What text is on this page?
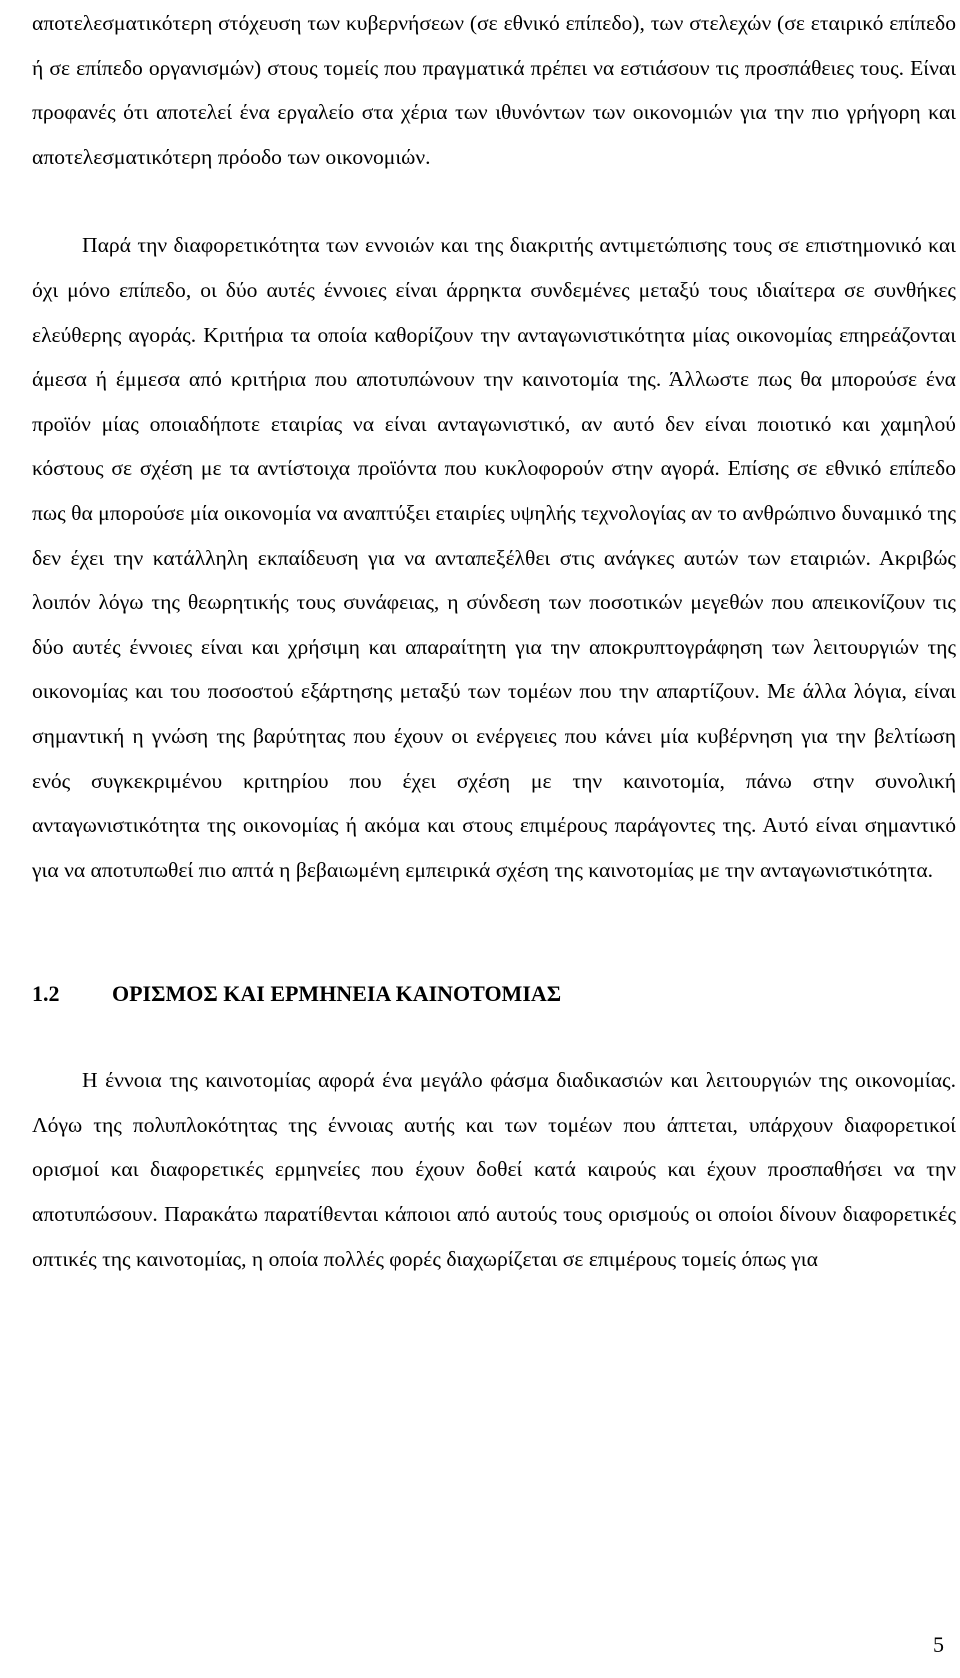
αποτελεσματικότερη στόχευση των κυβερνήσεων (σε εθνικό επίπεδο), των στελεχών (σε εταιρικό επίπεδο ή σε επίπεδο οργανισμών) στους τομείς που πραγματικά πρέπει να εστιάσουν τις προσπάθειες τους. Είναι προφανές ότι αποτελεί ένα εργαλείο στα χέρια των ιθυνόντων των οικονομιών για την πιο γρήγορη και αποτελεσματικότερη πρόοδο των οικονομιών.

Παρά την διαφορετικότητα των εννοιών και της διακριτής αντιμετώπισης τους σε επιστημονικό και όχι μόνο επίπεδο, οι δύο αυτές έννοιες είναι άρρηκτα συνδεμένες μεταξύ τους ιδιαίτερα σε συνθήκες ελεύθερης αγοράς. Κριτήρια τα οποία καθορίζουν την ανταγωνιστικότητα μίας οικονομίας επηρεάζονται άμεσα ή έμμεσα από κριτήρια που αποτυπώνουν την καινοτομία της. Άλλωστε πως θα μπορούσε ένα προϊόν μίας οποιαδήποτε εταιρίας να είναι ανταγωνιστικό, αν αυτό δεν είναι ποιοτικό και χαμηλού κόστους σε σχέση με τα αντίστοιχα προϊόντα που κυκλοφορούν στην αγορά. Επίσης σε εθνικό επίπεδο πως θα μπορούσε μία οικονομία να αναπτύξει εταιρίες υψηλής τεχνολογίας αν το ανθρώπινο δυναμικό της δεν έχει την κατάλληλη εκπαίδευση για να ανταπεξέλθει στις ανάγκες αυτών των εταιριών. Ακριβώς λοιπόν λόγω της θεωρητικής τους συνάφειας, η σύνδεση των ποσοτικών μεγεθών που απεικονίζουν τις δύο αυτές έννοιες είναι και χρήσιμη και απαραίτητη για την αποκρυπτογράφηση των λειτουργιών της οικονομίας και του ποσοστού εξάρτησης μεταξύ των τομέων που την απαρτίζουν. Με άλλα λόγια, είναι σημαντική η γνώση της βαρύτητας που έχουν οι ενέργειες που κάνει μία κυβέρνηση για την βελτίωση ενός συγκεκριμένου κριτηρίου που έχει σχέση με την καινοτομία, πάνω στην συνολική ανταγωνιστικότητα της οικονομίας ή ακόμα και στους επιμέρους παράγοντες της. Αυτό είναι σημαντικό για να αποτυπωθεί πιο απτά η βεβαιωμένη εμπειρικά σχέση της καινοτομίας με την ανταγωνιστικότητα.

1.2	ΟΡΙΣΜΟΣ ΚΑΙ ΕΡΜΗΝΕΙΑ ΚΑΙΝΟΤΟΜΙΑΣ

Η έννοια της καινοτομίας αφορά ένα μεγάλο φάσμα διαδικασιών και λειτουργιών της οικονομίας. Λόγω της πολυπλοκότητας της έννοιας αυτής και των τομέων που άπτεται, υπάρχουν διαφορετικοί ορισμοί και διαφορετικές ερμηνείες που έχουν δοθεί κατά καιρούς και έχουν προσπαθήσει να την αποτυπώσουν. Παρακάτω παρατίθενται κάποιοι από αυτούς τους ορισμούς οι οποίοι δίνουν διαφορετικές οπτικές της καινοτομίας, η οποία πολλές φορές διαχωρίζεται σε επιμέρους τομείς όπως για

5
